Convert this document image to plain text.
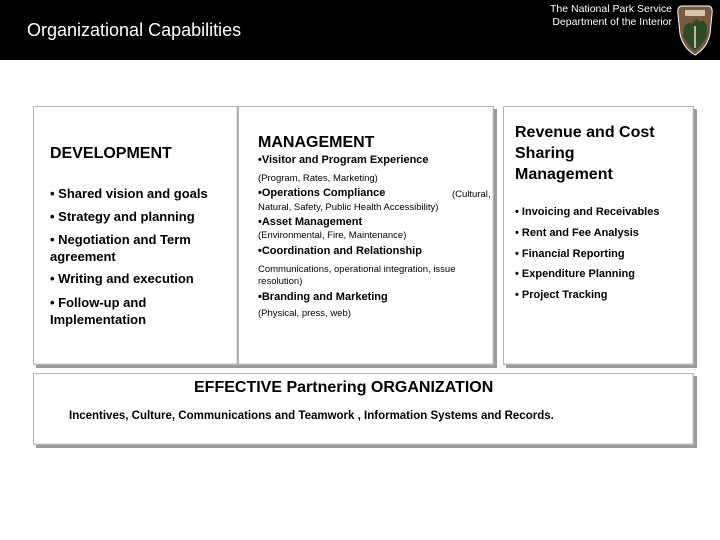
Organizational Capabilities
The National Park Service
Department of the Interior
DEVELOPMENT
• Shared vision and goals
• Strategy and planning
• Negotiation and Term agreement
• Writing and execution
• Follow-up and Implementation
MANAGEMENT
•Visitor and Program Experience
(Program, Rates, Marketing)
•Operations Compliance	(Cultural,
Natural, Safety, Public Health Accessibility)
•Asset Management
(Environmental, Fire, Maintenance)
•Coordination and Relationship
Communications, operational integration, issue resolution)
•Branding and Marketing
(Physical, press, web)
Revenue and Cost
Sharing
Management
• Invoicing and Receivables
• Rent and Fee Analysis
• Financial Reporting
• Expenditure Planning
• Project Tracking
EFFECTIVE Partnering ORGANIZATION
Incentives, Culture, Communications and Teamwork , Information Systems and Records.
